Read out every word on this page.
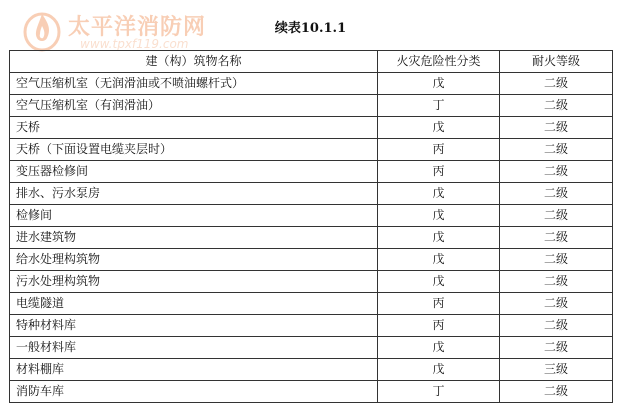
太平洋消防网
www.tpxf119.com
续表10.1.1
建（构）筑物名称	火灾危险性分类	耐火等级
空气压缩机室（无润滑油或不喷油螺杆式）	戊	二级
空气压缩机室（有润滑油）	丁	二级
天桥	戊	二级
天桥（下面设置电缆夹层时）	丙	二级
变压器检修间	丙	二级
排水、污水泵房	戊	二级
检修间	戊	二级
进水建筑物	戊	二级
给水处理构筑物	戊	二级
污水处理构筑物	戊	二级
电缆隧道	丙	二级
特种材料库	丙	二级
一般材料库	戊	二级
材料棚库	戊	三级
消防车库	丁	二级
